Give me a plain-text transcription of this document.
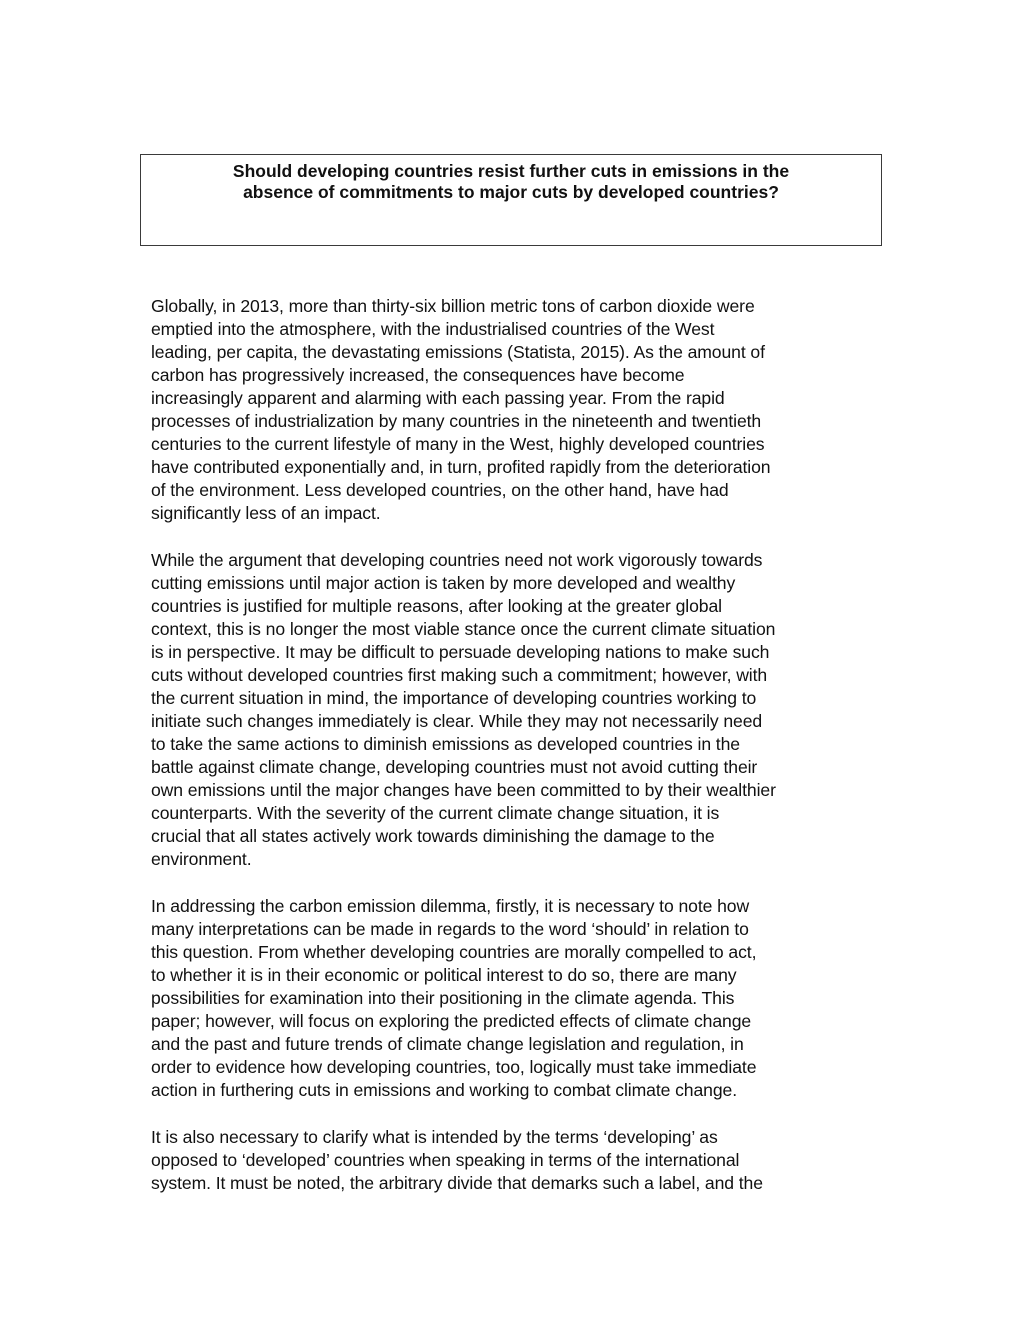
Should developing countries resist further cuts in emissions in the
absence of commitments to major cuts by developed countries?

Globally, in 2013, more than thirty-six billion metric tons of carbon dioxide were
emptied into the atmosphere, with the industrialised countries of the West
leading, per capita, the devastating emissions (Statista, 2015). As the amount of
carbon has progressively increased, the consequences have become
increasingly apparent and alarming with each passing year. From the rapid
processes of industrialization by many countries in the nineteenth and twentieth
centuries to the current lifestyle of many in the West, highly developed countries
have contributed exponentially and, in turn, profited rapidly from the deterioration
of the environment. Less developed countries, on the other hand, have had
significantly less of an impact.

While the argument that developing countries need not work vigorously towards
cutting emissions until major action is taken by more developed and wealthy
countries is justified for multiple reasons, after looking at the greater global
context, this is no longer the most viable stance once the current climate situation
is in perspective. It may be difficult to persuade developing nations to make such
cuts without developed countries first making such a commitment; however, with
the current situation in mind, the importance of developing countries working to
initiate such changes immediately is clear. While they may not necessarily need
to take the same actions to diminish emissions as developed countries in the
battle against climate change, developing countries must not avoid cutting their
own emissions until the major changes have been committed to by their wealthier
counterparts. With the severity of the current climate change situation, it is
crucial that all states actively work towards diminishing the damage to the
environment.

In addressing the carbon emission dilemma, firstly, it is necessary to note how
many interpretations can be made in regards to the word ‘should’ in relation to
this question. From whether developing countries are morally compelled to act,
to whether it is in their economic or political interest to do so, there are many
possibilities for examination into their positioning in the climate agenda. This
paper; however, will focus on exploring the predicted effects of climate change
and the past and future trends of climate change legislation and regulation, in
order to evidence how developing countries, too, logically must take immediate
action in furthering cuts in emissions and working to combat climate change.

It is also necessary to clarify what is intended by the terms ‘developing’ as
opposed to ‘developed’ countries when speaking in terms of the international
system. It must be noted, the arbitrary divide that demarks such a label, and the
